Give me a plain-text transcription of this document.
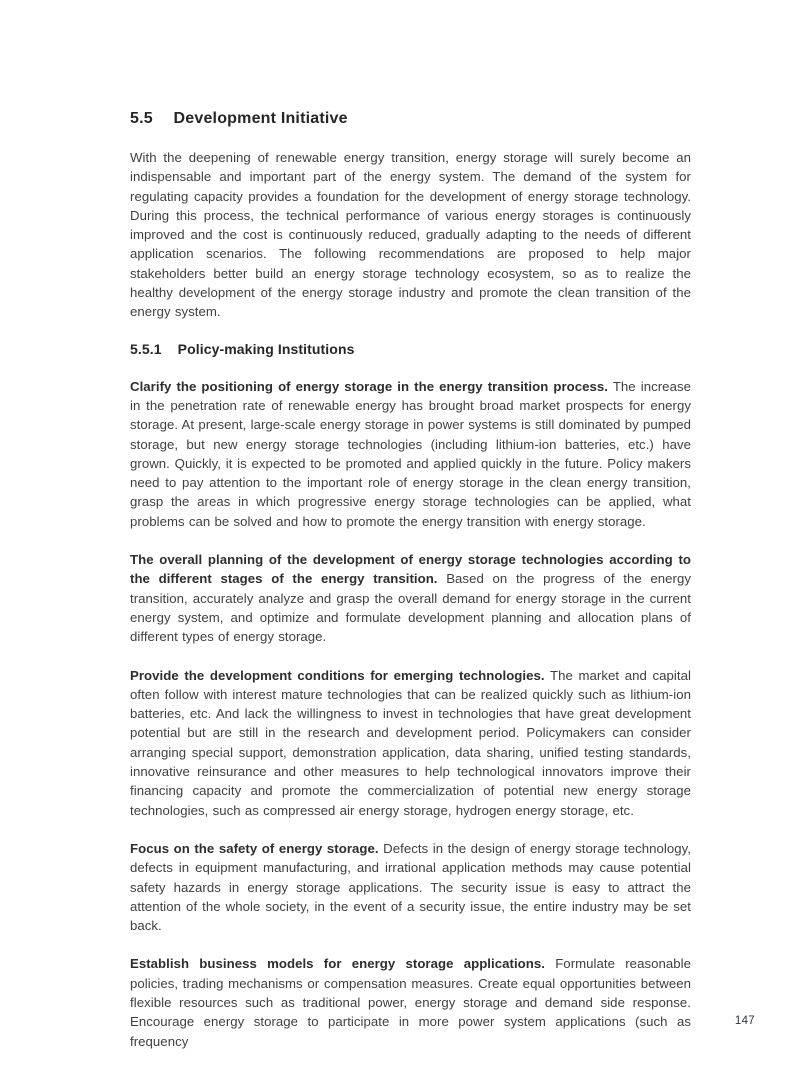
5.5 Development Initiative

With the deepening of renewable energy transition, energy storage will surely become an indispensable and important part of the energy system. The demand of the system for regulating capacity provides a foundation for the development of energy storage technology. During this process, the technical performance of various energy storages is continuously improved and the cost is continuously reduced, gradually adapting to the needs of different application scenarios. The following recommendations are proposed to help major stakeholders better build an energy storage technology ecosystem, so as to realize the healthy development of the energy storage industry and promote the clean transition of the energy system.

5.5.1 Policy-making Institutions

Clarify the positioning of energy storage in the energy transition process. The increase in the penetration rate of renewable energy has brought broad market prospects for energy storage. At present, large-scale energy storage in power systems is still dominated by pumped storage, but new energy storage technologies (including lithium-ion batteries, etc.) have grown. Quickly, it is expected to be promoted and applied quickly in the future. Policy makers need to pay attention to the important role of energy storage in the clean energy transition, grasp the areas in which progressive energy storage technologies can be applied, what problems can be solved and how to promote the energy transition with energy storage.

The overall planning of the development of energy storage technologies according to the different stages of the energy transition. Based on the progress of the energy transition, accurately analyze and grasp the overall demand for energy storage in the current energy system, and optimize and formulate development planning and allocation plans of different types of energy storage.

Provide the development conditions for emerging technologies. The market and capital often follow with interest mature technologies that can be realized quickly such as lithium-ion batteries, etc. And lack the willingness to invest in technologies that have great development potential but are still in the research and development period. Policymakers can consider arranging special support, demonstration application, data sharing, unified testing standards, innovative reinsurance and other measures to help technological innovators improve their financing capacity and promote the commercialization of potential new energy storage technologies, such as compressed air energy storage, hydrogen energy storage, etc.

Focus on the safety of energy storage. Defects in the design of energy storage technology, defects in equipment manufacturing, and irrational application methods may cause potential safety hazards in energy storage applications. The security issue is easy to attract the attention of the whole society, in the event of a security issue, the entire industry may be set back.

Establish business models for energy storage applications. Formulate reasonable policies, trading mechanisms or compensation measures. Create equal opportunities between flexible resources such as traditional power, energy storage and demand side response. Encourage energy storage to participate in more power system applications (such as frequency

147
